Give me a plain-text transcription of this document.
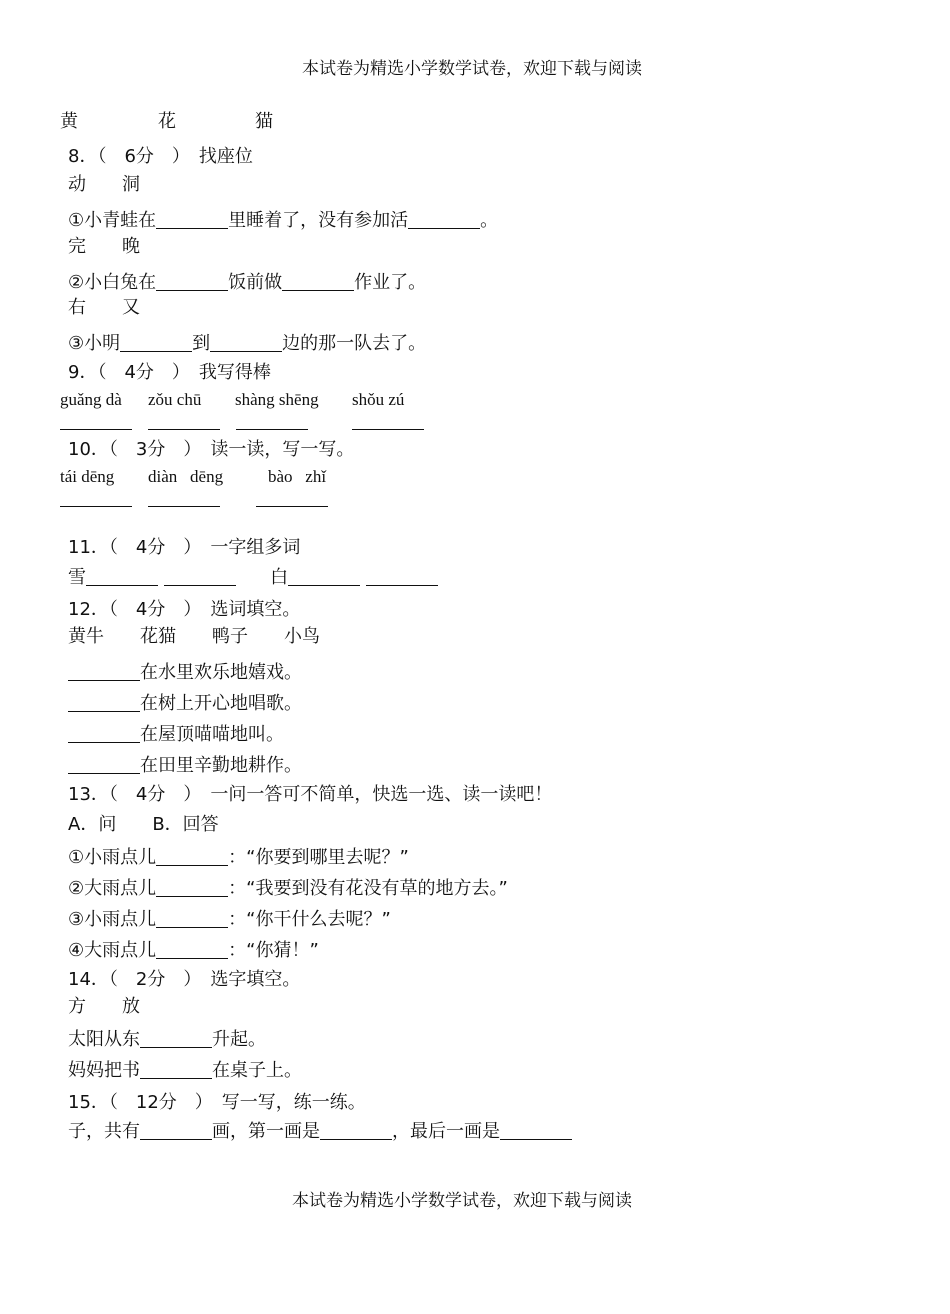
本试卷为精选小学数学试卷，欢迎下载与阅读
黄	花	猫
8．（　6分　）　找座位
动　　洞
①小青蛙在	里睡着了，没有参加活	。
完　　晚
②小白兔在	饭前做	作业了。
右　　又
③小明	到	边的那一队去了。
9．（　4分　）　我写得棒
guǎng dà zǒu chū shàng shēng shǒu zú
10．（　3分　）　读一读，写一写。
tái dēng diàn   dēng	bào   zhǐ
11．（　4分　）　一字组多词
雪	白
12．（　4分　）　选词填空。
黄牛　　花猫　　鸭子　　小鸟
在水里欢乐地嬉戏。
在树上开心地唱歌。
在屋顶喵喵地叫。
在田里辛勤地耕作。
13．（　4分　）　一问一答可不简单，快选一选、读一读吧！
A．问　　B．回答
①小雨点儿	：“你要到哪里去呢？”
②大雨点儿	：“我要到没有花没有草的地方去。”
③小雨点儿	：“你干什么去呢？”
④大雨点儿	：“你猜！”
14．（　2分　）　选字填空。
方　　放
太阳从东	升起。
妈妈把书	在桌子上。
15．（　12分　）　写一写，练一练。
子，共有	画，第一画是	，最后一画是
本试卷为精选小学数学试卷，欢迎下载与阅读
